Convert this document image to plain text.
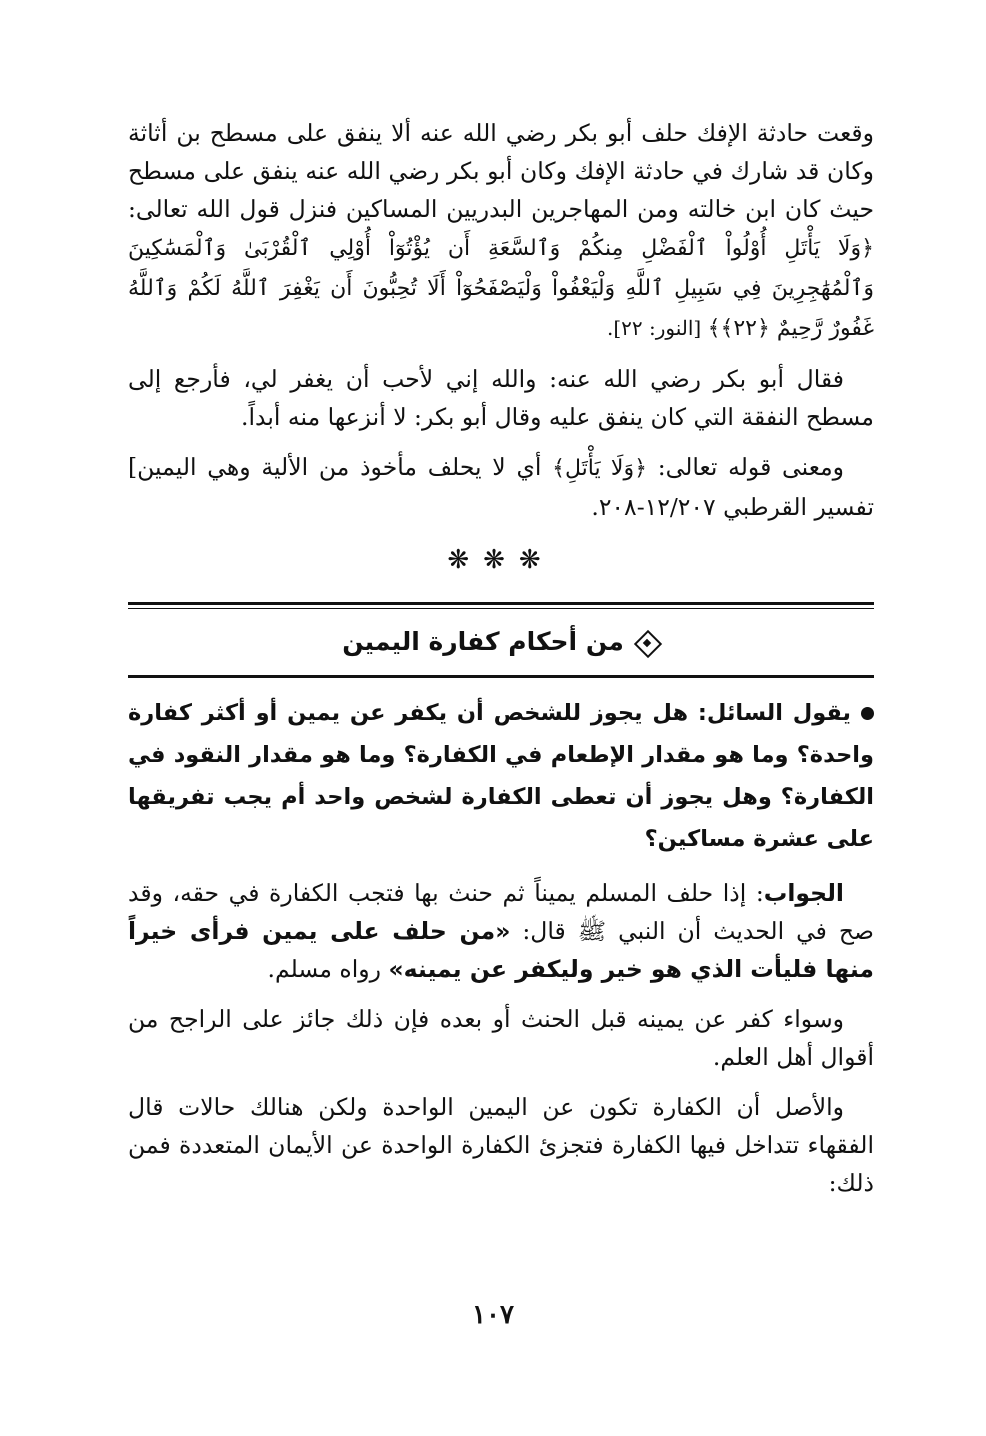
وقعت حادثة الإفك حلف أبو بكر رضي الله عنه ألا ينفق على مسطح بن أثاثة وكان قد شارك في حادثة الإفك وكان أبو بكر رضي الله عنه ينفق على مسطح حيث كان ابن خالته ومن المهاجرين البدريين المساكين فنزل قول الله تعالى: ﴿وَلَا يَأْتَلِ أُوْلُواْ ٱلْفَضْلِ مِنكُمْ وَٱلسَّعَةِ أَن يُؤْتُوٓاْ أُوْلِي ٱلْقُرْبَىٰ وَٱلْمَسَٰكِينَ وَٱلْمُهَٰجِرِينَ فِي سَبِيلِ ٱللَّهِ وَلْيَعْفُواْ وَلْيَصْفَحُوٓاْ أَلَا تُحِبُّونَ أَن يَغْفِرَ ٱللَّهُ لَكُمْ وَٱللَّهُ غَفُورٌ رَّحِيمٌ ﴿٢٢﴾﴾ [النور: ٢٢].

فقال أبو بكر رضي الله عنه: والله إني لأحب أن يغفر لي، فأرجع إلى مسطح النفقة التي كان ينفق عليه وقال أبو بكر: لا أنزعها منه أبداً.

ومعنى قوله تعالى: ﴿وَلَا يَأْتَلِ﴾ أي لا يحلف مأخوذ من الألية وهي اليمين] تفسير القرطبي ١٢/٢٠٧-٢٠٨.

❋❋❋
من أحكام كفارة اليمين

يقول السائل: هل يجوز للشخص أن يكفر عن يمين أو أكثر كفارة واحدة؟ وما هو مقدار الإطعام في الكفارة؟ وما هو مقدار النقود في الكفارة؟ وهل يجوز أن تعطى الكفارة لشخص واحد أم يجب تفريقها على عشرة مساكين؟

الجواب: إذا حلف المسلم يميناً ثم حنث بها فتجب الكفارة في حقه، وقد صح في الحديث أن النبي ﷺ قال: «من حلف على يمين فرأى خيراً منها فليأت الذي هو خير وليكفر عن يمينه» رواه مسلم.

وسواء كفر عن يمينه قبل الحنث أو بعده فإن ذلك جائز على الراجح من أقوال أهل العلم.

والأصل أن الكفارة تكون عن اليمين الواحدة ولكن هنالك حالات قال الفقهاء تتداخل فيها الكفارة فتجزئ الكفارة الواحدة عن الأيمان المتعددة فمن ذلك:

١٠٧
